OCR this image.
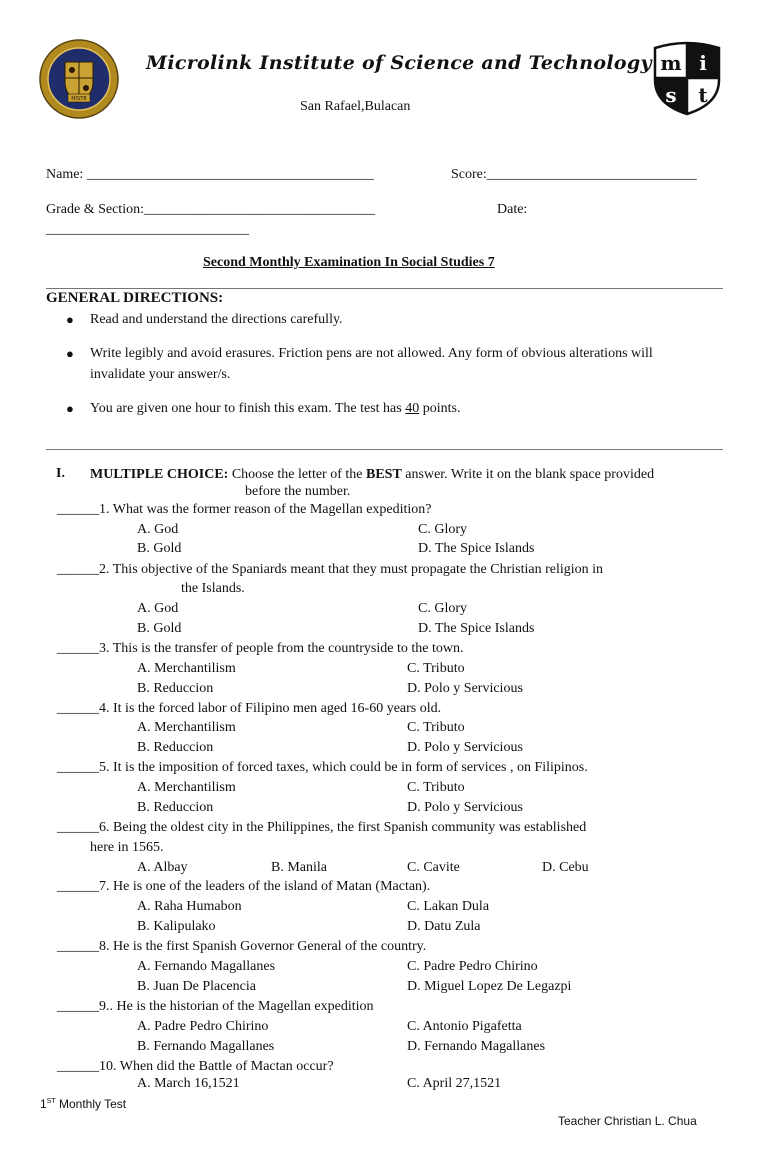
MISTB
Microlink Institute of Science and Technology m i
s t
San Rafael,Bulacan
Name: _________________________________________	Score:______________________________
Grade & Section:_________________________________	Date:
_____________________________
Second Monthly Examination In Social Studies 7
GENERAL DIRECTIONS:
● Read and understand the directions carefully.
● Write legibly and avoid erasures. Friction pens are not allowed. Any form of obvious alterations will invalidate your answer/s.
● You are given one hour to finish this exam. The test has 40 points.
I. MULTIPLE CHOICE: Choose the letter of the BEST answer. Write it on the blank space provided
before the number.
______1. What was the former reason of the Magellan expedition?
A. God	C. Glory
B. Gold	D. The Spice Islands
______2. This objective of the Spaniards meant that they must propagate the Christian religion in
the Islands.
A. God	C. Glory
B. Gold	D. The Spice Islands
______3. This is the transfer of people from the countryside to the town.
A. Merchantilism	C. Tributo
B. Reduccion	D. Polo y Servicious
______4. It is the forced labor of Filipino men aged 16-60 years old.
A. Merchantilism	C. Tributo
B. Reduccion	D. Polo y Servicious
______5. It is the imposition of forced taxes, which could be in form of services , on Filipinos.
A. Merchantilism	C. Tributo
B. Reduccion	D. Polo y Servicious
______6. Being the oldest city in the Philippines, the first Spanish community was established
here in 1565.
A. Albay	B. Manila	C. Cavite	D. Cebu
______7. He is one of the leaders of the island of Matan (Mactan).
A. Raha Humabon	C. Lakan Dula
B. Kalipulako	D. Datu Zula
______8. He is the first Spanish Governor General of the country.
A. Fernando Magallanes	C. Padre Pedro Chirino
B. Juan De Placencia	D. Miguel Lopez De Legazpi
______9.. He is the historian of the Magellan expedition
A. Padre Pedro Chirino	C. Antonio Pigafetta
B. Fernando Magallanes	D. Fernando Magallanes
______10. When did the Battle of Mactan occur?
A. March 16,1521	C. April 27,1521
1ST Monthly Test
Teacher Christian L. Chua
